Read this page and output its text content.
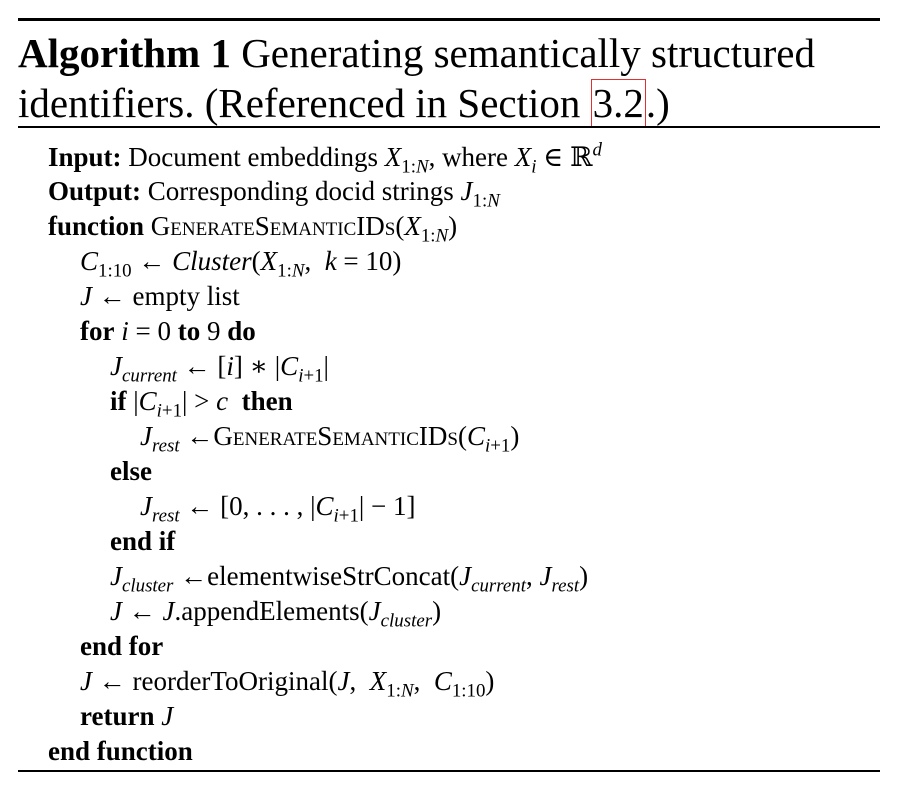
Algorithm 1 Generating semantically structured identifiers. (Referenced in Section 3.2.)
Input: Document embeddings $X_{1:N}$, where $X_i$ ∈ ℝ$^d$
Output: Corresponding docid strings $J_{1:N}$
function $GenerateSemanticIDs(X_{1:N})$
$C_{1:10}$ ← $Cluster(X_{1:N}$,  k = 10)
J ← empty list
for i = 0 to 9 do
$J_{current}$ ← [i] ∗ $|C_{i+1}|$
if $|C_{i+1}| > c$ then
$J_{rest}$ $\leftarrow GenerateSemanticIDs(C_{i+1})$
else
$J_{rest}$ ← [0, . . . , $|C_{i+1}| - 1$]
end if
$J_{cluster}$ $\leftarrow elementwiseStrConcat(J_{current}$, $J_{rest}$)
J ← $J.appendElements(J_{cluster})$
end for
J ← reorderToOriginal(J,  $X_{1:N}$,  $C_{1:10}$)
return J
end function
